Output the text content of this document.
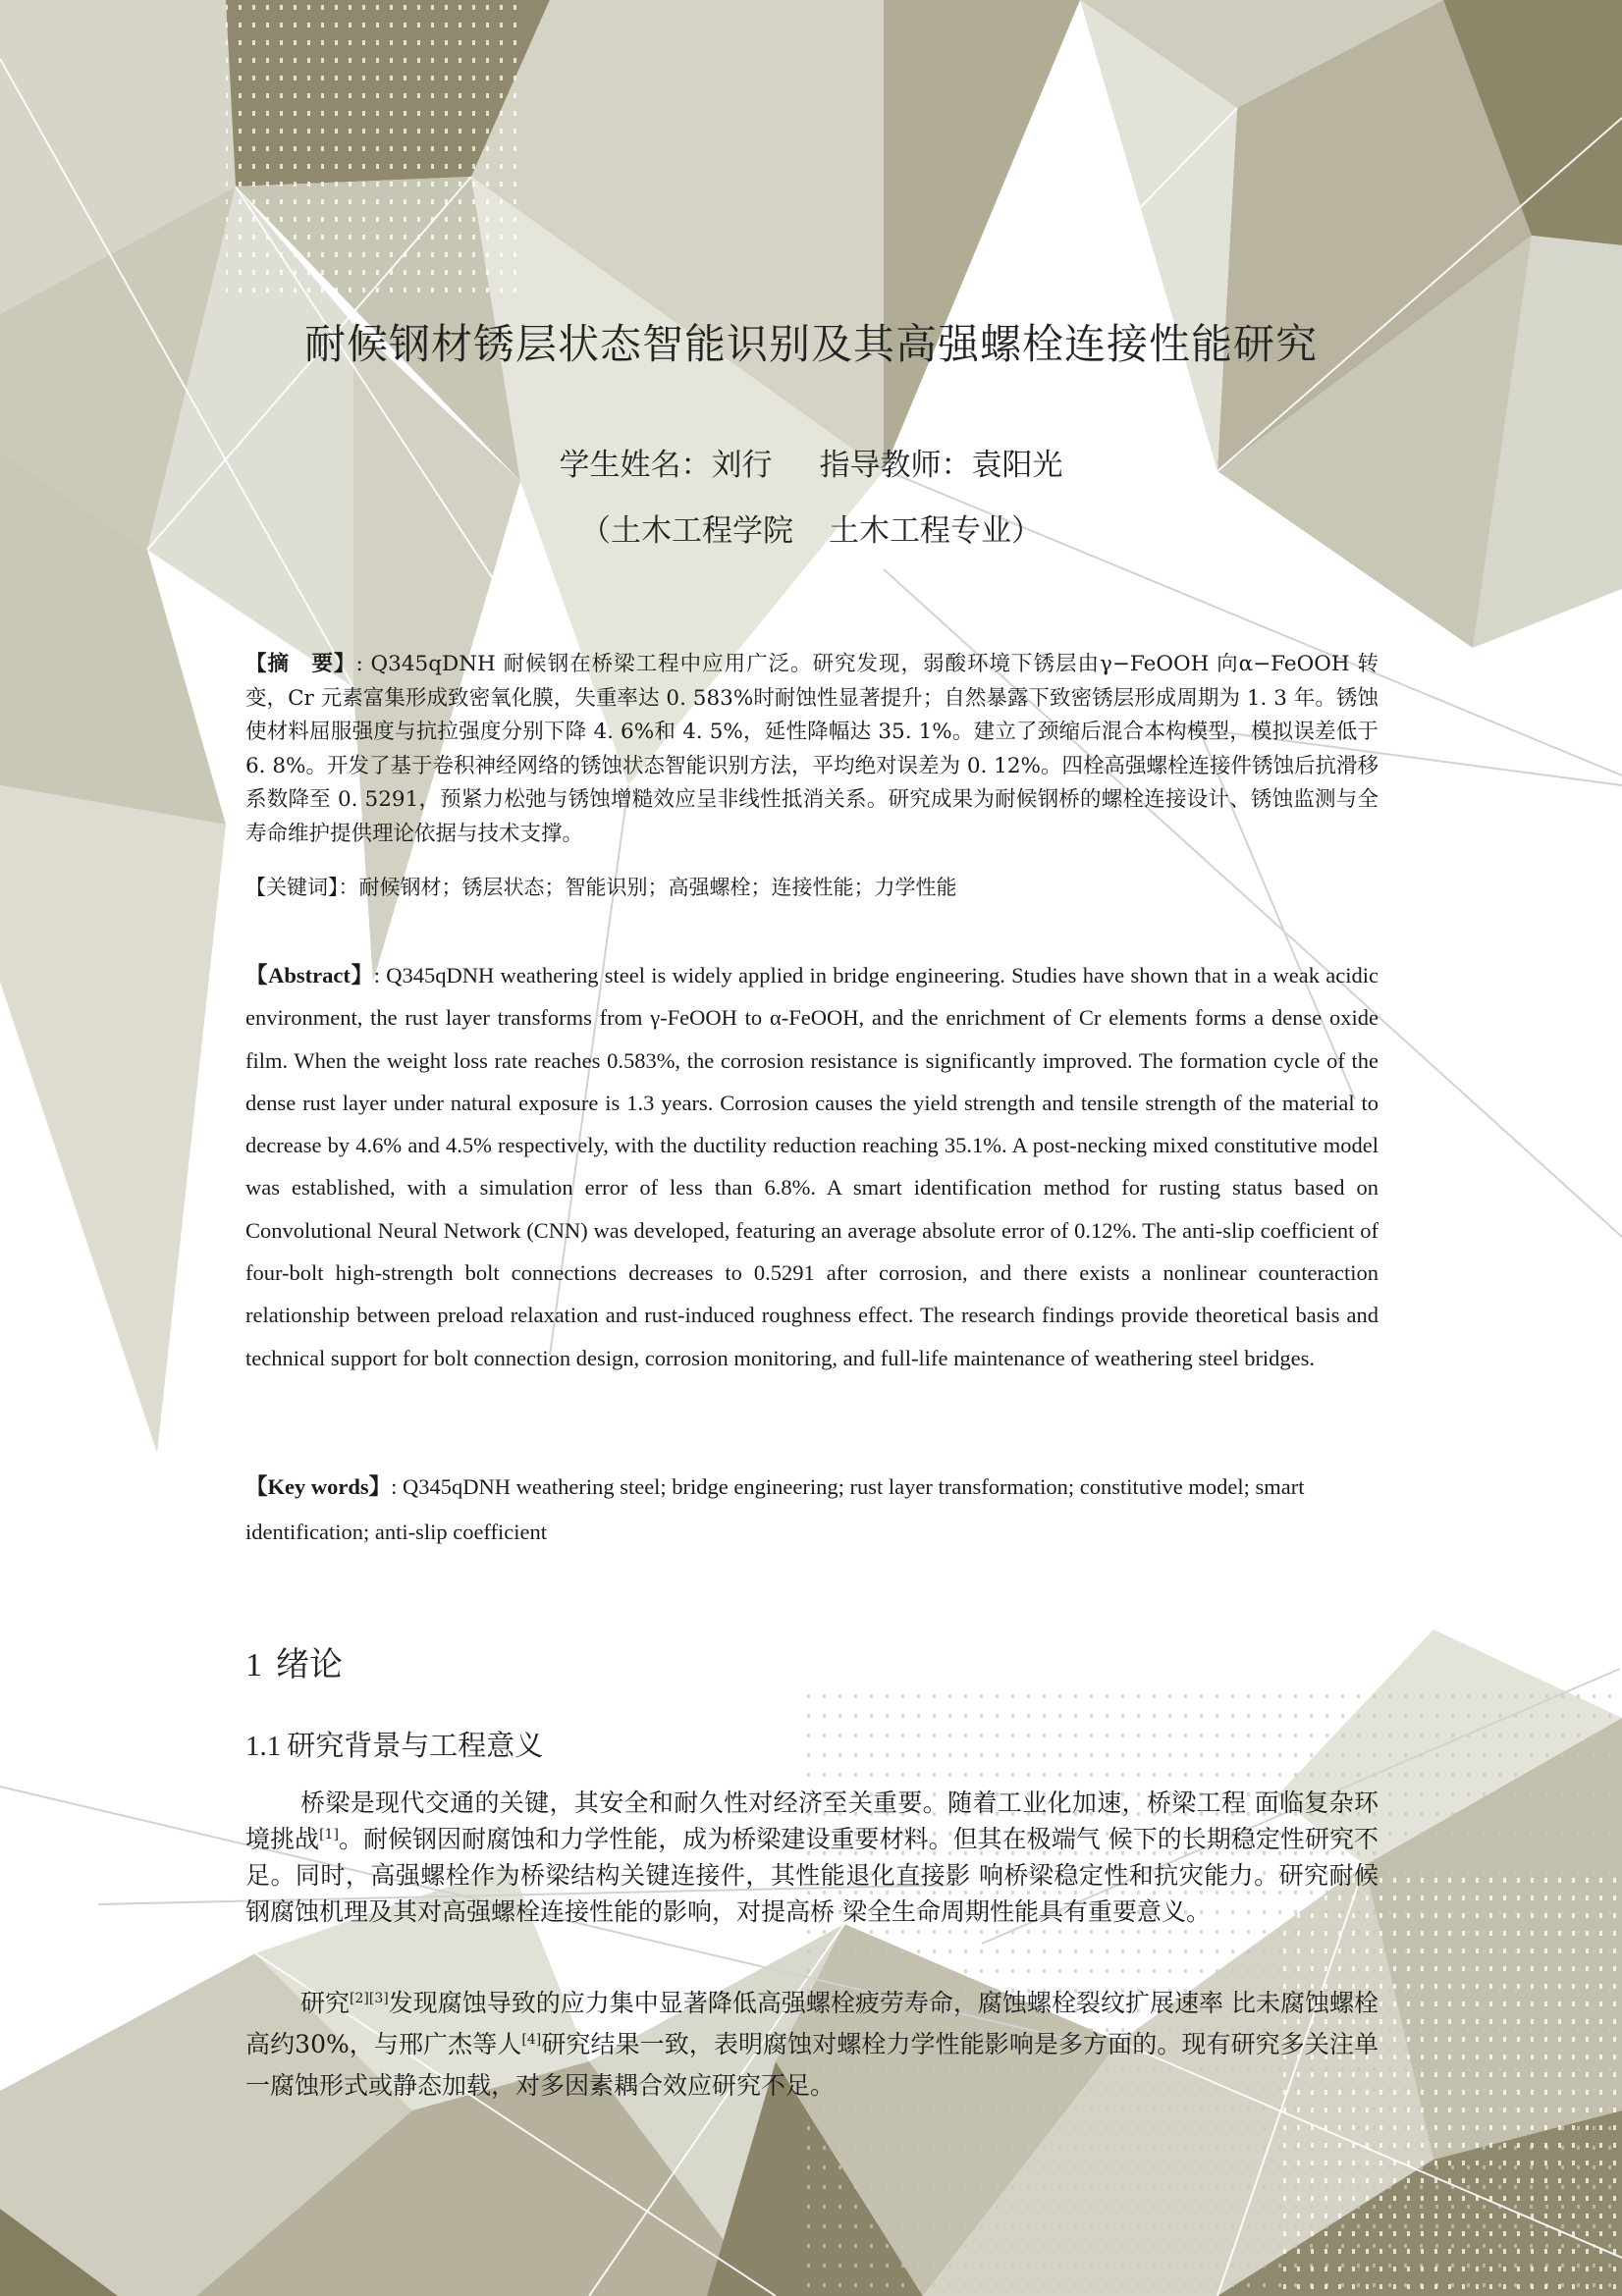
耐候钢材锈层状态智能识别及其高强螺栓连接性能研究
学生姓名：刘行 指导教师：袁阳光
（土木工程学院 土木工程专业）
【摘　要】: Q345qDNH 耐候钢在桥梁工程中应用广泛。研究发现，弱酸环境下锈层由γ−FeOOH 向α−FeOOH 转变，Cr 元素富集形成致密氧化膜，失重率达 0. 583%时耐蚀性显著提升；自然暴露下致密锈层形成周期为 1. 3 年。锈蚀使材料屈服强度与抗拉强度分别下降 4. 6%和 4. 5%，延性降幅达 35. 1%。建立了颈缩后混合本构模型，模拟误差低于 6. 8%。开发了基于卷积神经网络的锈蚀状态智能识别方法，平均绝对误差为 0. 12%。四栓高强螺栓连接件锈蚀后抗滑移系数降至 0. 5291，预紧力松弛与锈蚀增糙效应呈非线性抵消关系。研究成果为耐候钢桥的螺栓连接设计、锈蚀监测与全寿命维护提供理论依据与技术支撑。
【关键词】：耐候钢材；锈层状态；智能识别；高强螺栓；连接性能；力学性能
【Abstract】: Q345qDNH weathering steel is widely applied in bridge engineering. Studies have shown that in a weak acidic environment, the rust layer transforms from γ-FeOOH to α-FeOOH, and the enrichment of Cr elements forms a dense oxide film. When the weight loss rate reaches 0.583%, the corrosion resistance is significantly improved. The formation cycle of the dense rust layer under natural exposure is 1.3 years. Corrosion causes the yield strength and tensile strength of the material to decrease by 4.6% and 4.5% respectively, with the ductility reduction reaching 35.1%. A post-necking mixed constitutive model was established, with a simulation error of less than 6.8%. A smart identification method for rusting status based on Convolutional Neural Network (CNN) was developed, featuring an average absolute error of 0.12%. The anti-slip coefficient of four-bolt high-strength bolt connections decreases to 0.5291 after corrosion, and there exists a nonlinear counteraction relationship between preload relaxation and rust-induced roughness effect. The research findings provide theoretical basis and technical support for bolt connection design, corrosion monitoring, and full-life maintenance of weathering steel bridges.
【Key words】: Q345qDNH weathering steel; bridge engineering; rust layer transformation; constitutive model; smart identification; anti-slip coefficient
1 绪论
1.1 研究背景与工程意义
桥梁是现代交通的关键，其安全和耐久性对经济至关重要。随着工业化加速，桥梁工程 面临复杂环境挑战[1]。耐候钢因耐腐蚀和力学性能，成为桥梁建设重要材料。但其在极端气 候下的长期稳定性研究不足。同时，高强螺栓作为桥梁结构关键连接件，其性能退化直接影 响桥梁稳定性和抗灾能力。研究耐候钢腐蚀机理及其对高强螺栓连接性能的影响，对提高桥 梁全生命周期性能具有重要意义。
研究[2][3]发现腐蚀导致的应力集中显著降低高强螺栓疲劳寿命，腐蚀螺栓裂纹扩展速率 比未腐蚀螺栓高约30%，与邢广杰等人[4]研究结果一致，表明腐蚀对螺栓力学性能影响是多方面的。现有研究多关注单一腐蚀形式或静态加载，对多因素耦合效应研究不足。
